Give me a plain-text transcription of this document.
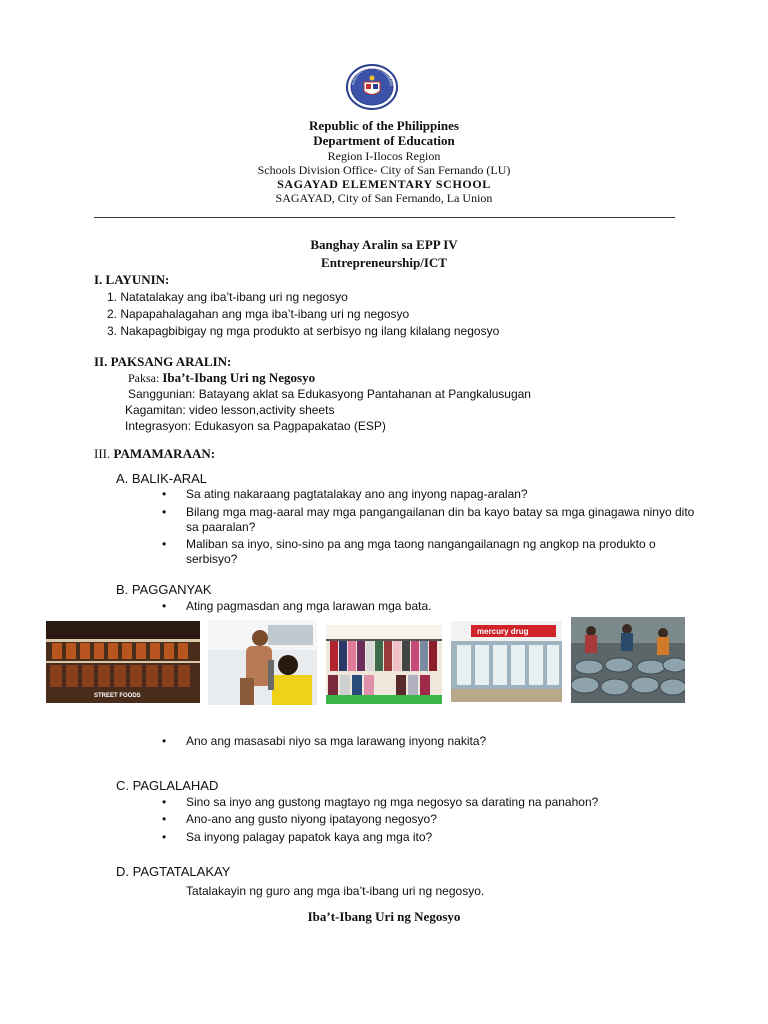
KAGAWARAN NG EDUKAS
Republic of the Philippines
Department of Education
Region I-Ilocos Region
Schools Division Office- City of San Fernando (LU)
SAGAYAD ELEMENTARY SCHOOL
SAGAYAD, City of San Fernando, La Union
Banghay Aralin sa EPP IV
Entrepreneurship/ICT
I. LAYUNIN:
1. Natatalakay ang iba’t-ibang uri ng negosyo
2. Napapahalagahan ang mga iba’t-ibang uri ng negosyo
3. Nakapagbibigay ng mga produkto at serbisyo ng ilang kilalang negosyo
II. PAKSANG ARALIN:
Paksa: Iba’t-Ibang Uri ng Negosyo
Sanggunian: Batayang aklat sa Edukasyong Pantahanan at Pangkalusugan
Kagamitan: video lesson,activity sheets
Integrasyon: Edukasyon sa Pagpapakatao (ESP)
III. PAMAMARAAN:
A. BALIK-ARAL
• Sa ating nakaraang pagtatalakay ano ang inyong napag-aralan?
• Bilang mga mag-aaral may mga pangangailanan din ba kayo batay sa mga ginagawa ninyo dito sa paaralan?
• Maliban sa inyo, sino-sino pa ang mga taong nangangailanagn ng angkop na produkto o serbisyo?
B. PAGGANYAK
• Ating pagmasdan ang mga larawan mga bata.
STREET FOODS
mercury drug
• Ano ang masasabi niyo sa mga larawang inyong nakita?
C. PAGLALAHAD
• Sino sa inyo ang gustong magtayo ng mga negosyo sa darating na panahon?
• Ano-ano ang gusto niyong ipatayong negosyo?
• Sa inyong palagay papatok kaya ang mga ito?
D. PAGTATALAKAY
Tatalakayin ng guro ang mga iba’t-ibang uri ng negosyo.
Iba’t-Ibang Uri ng Negosyo
